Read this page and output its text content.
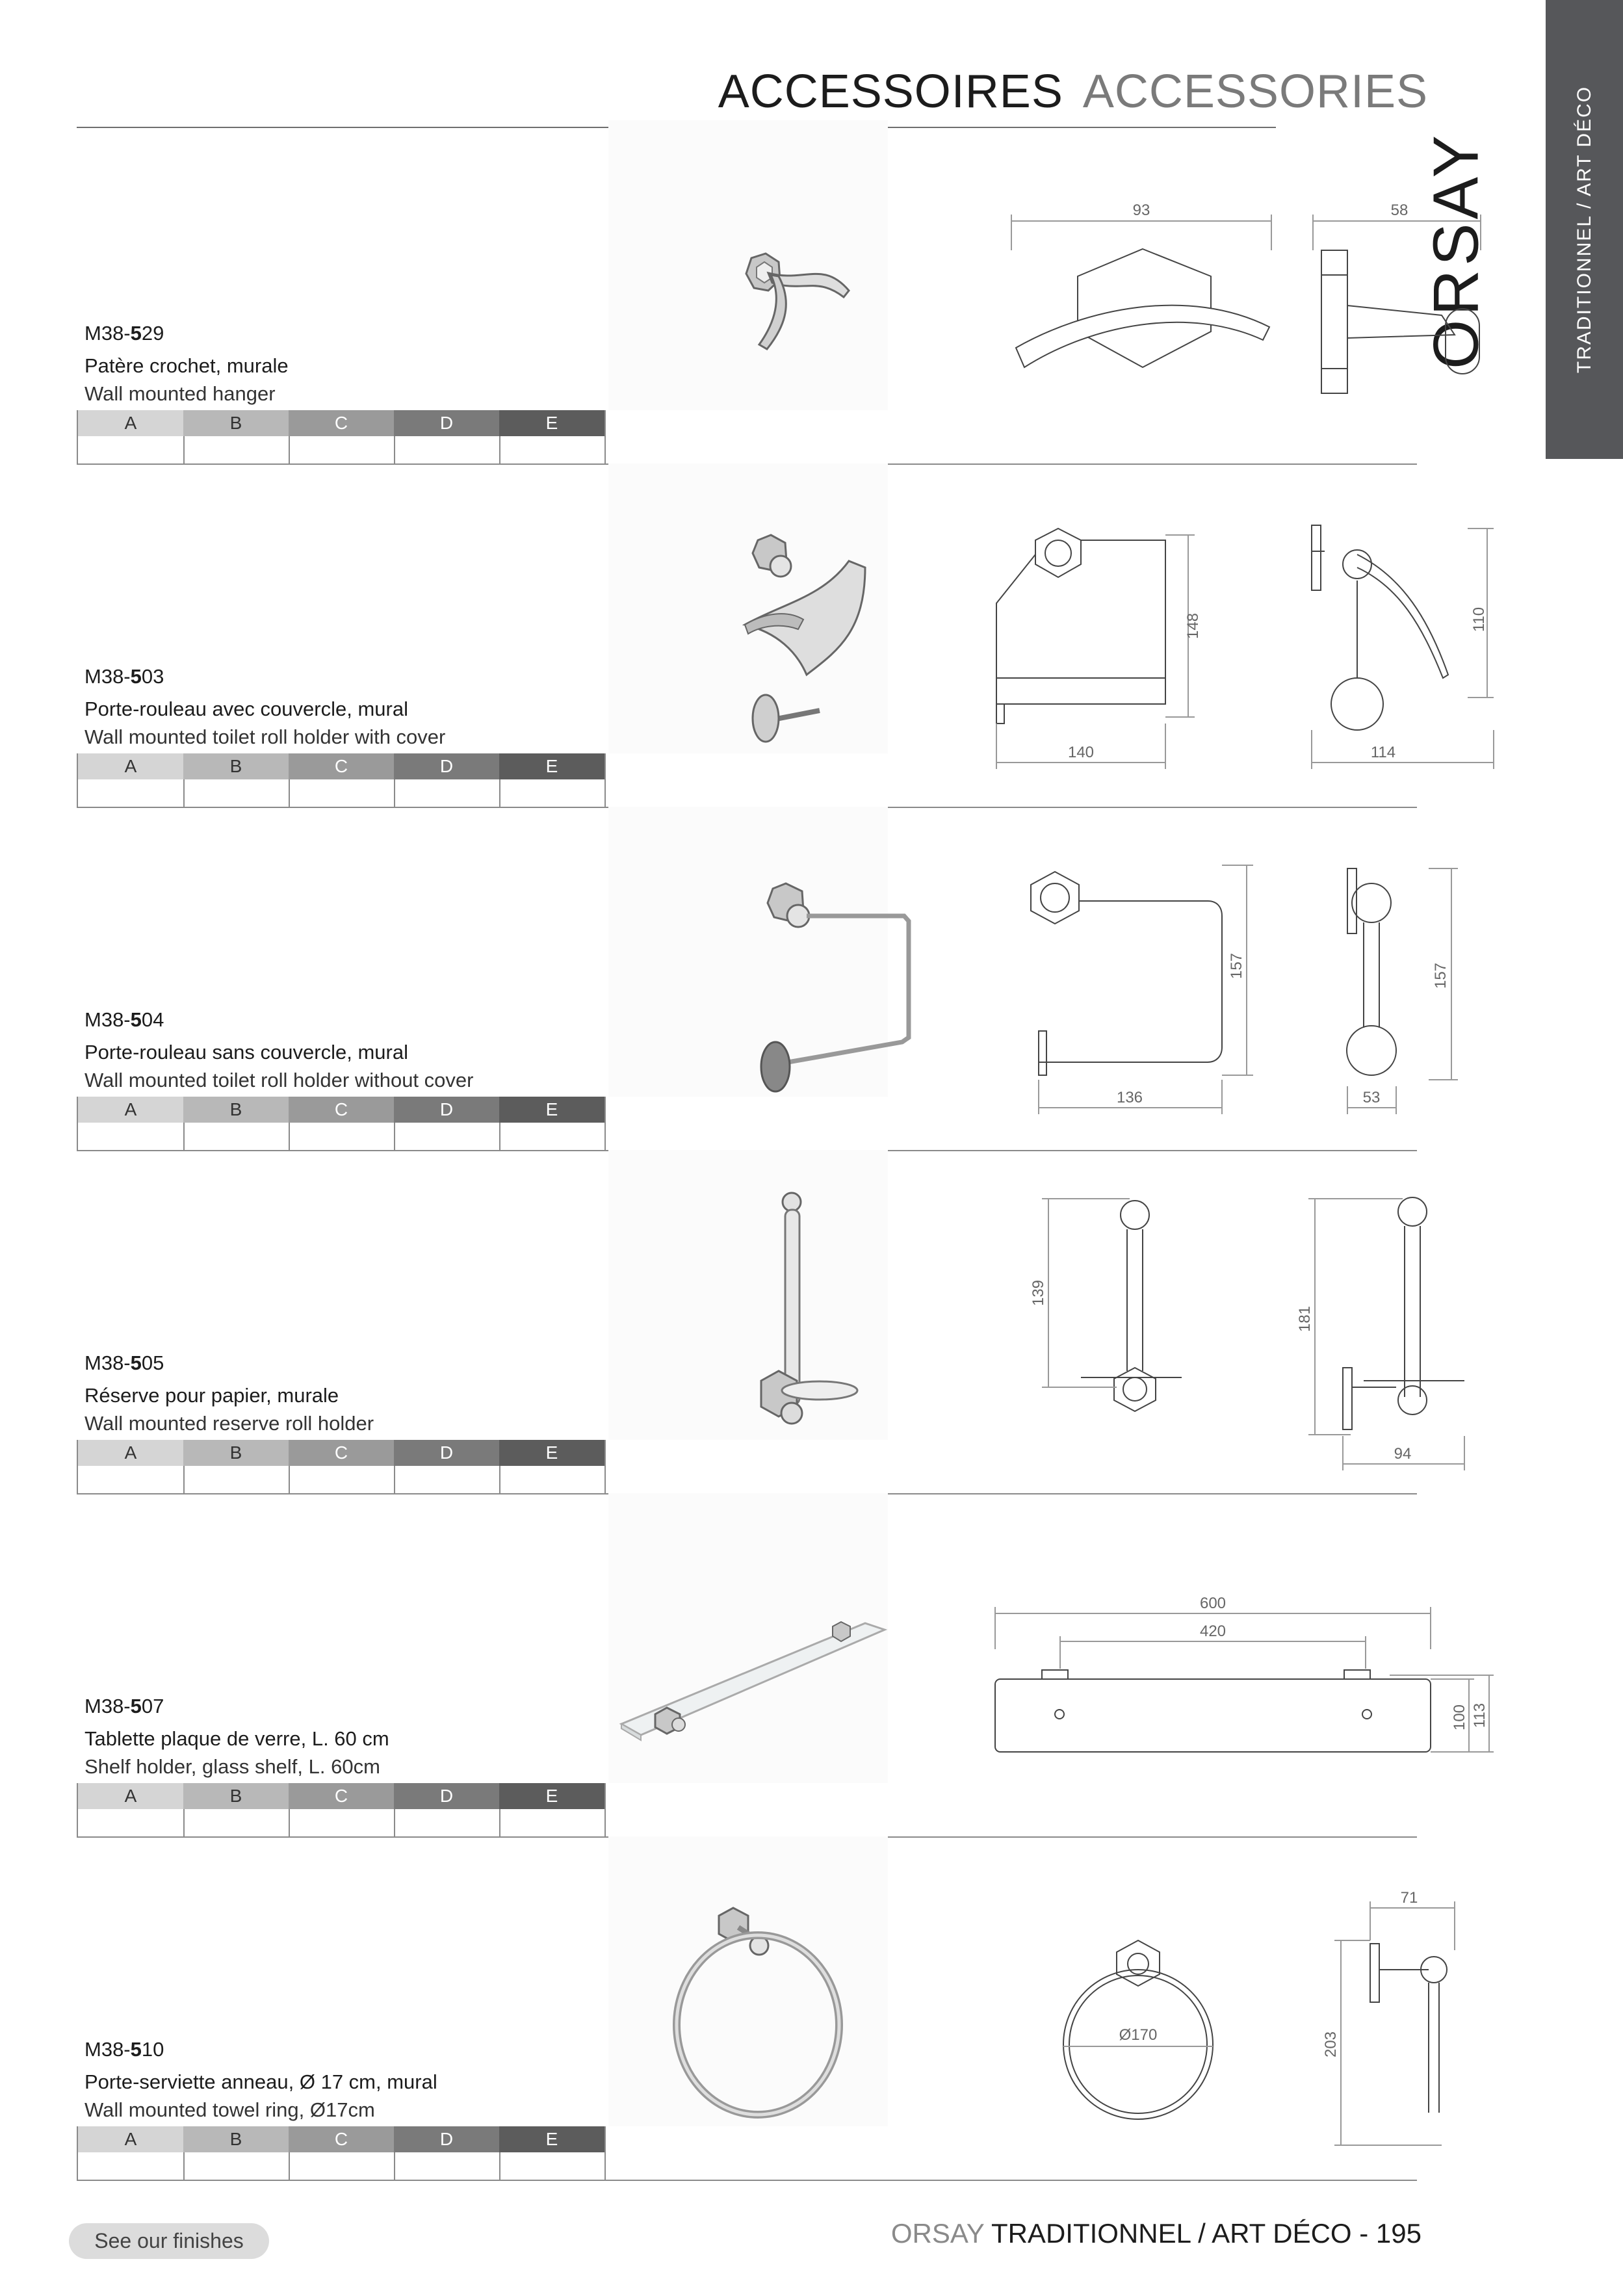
ACCESSOIRES ACCESSORIES	TRADITIONNEL / ART DÉCO
ORSAY
M38-529
Patère crochet, murale
Wall mounted hanger
A	B	C	D	E
93	58
M38-503
Porte-rouleau avec couvercle, mural
Wall mounted toilet roll holder with cover
A	B	C	D	E
148
140
110
114
M38-504
Porte-rouleau sans couvercle, mural
Wall mounted toilet roll holder without cover
A	B	C	D	E
157
136
157
53
M38-505
Réserve pour papier, murale
Wall mounted reserve roll holder
A	B	C	D	E
139
181
94
M38-507
Tablette plaque de verre, L. 60 cm
Shelf holder, glass shelf, L. 60cm
A	B	C	D	E
600
420
100 113
M38-510
Porte-serviette anneau, Ø 17 cm, mural
Wall mounted towel ring, Ø17cm
A	B	C	D	E
Ø170
71
203
See our finishes	ORSAY TRADITIONNEL / ART DÉCO - 195
